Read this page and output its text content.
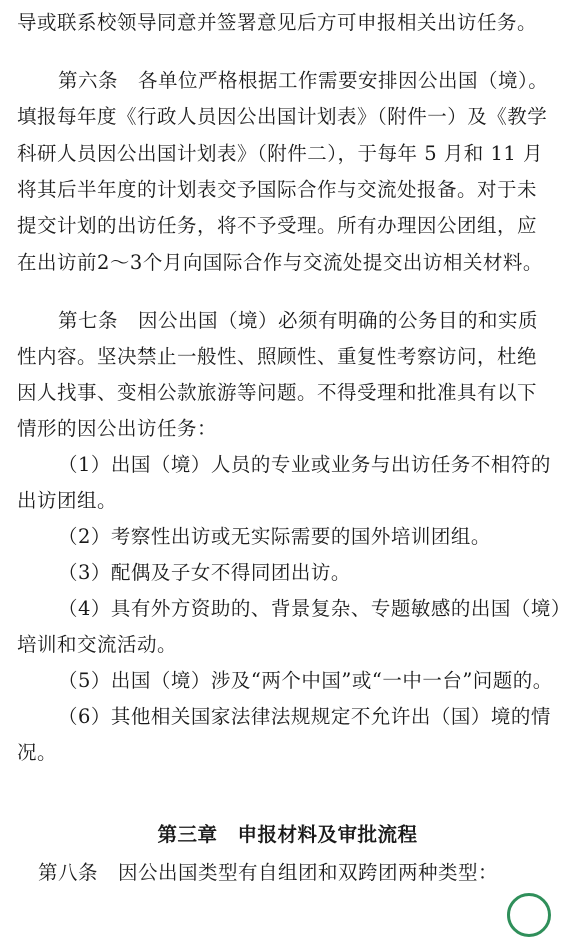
导或联系校领导同意并签署意见后方可申报相关出访任务。
第六条　各单位严格根据工作需要安排因公出国（境）。
填报每年度《行政人员因公出国计划表》（附件一）及《教学
科研人员因公出国计划表》（附件二），于每年 5 月和 11 月
将其后半年度的计划表交予国际合作与交流处报备。对于未
提交计划的出访任务，将不予受理。所有办理因公团组，应
在出访前2～3个月向国际合作与交流处提交出访相关材料。
第七条　因公出国（境）必须有明确的公务目的和实质
性内容。坚决禁止一般性、照顾性、重复性考察访问，杜绝
因人找事、变相公款旅游等问题。不得受理和批准具有以下
情形的因公出访任务：
（1）出国（境）人员的专业或业务与出访任务不相符的
出访团组。
（2）考察性出访或无实际需要的国外培训团组。
（3）配偶及子女不得同团出访。
（4）具有外方资助的、背景复杂、专题敏感的出国（境）
培训和交流活动。
（5）出国（境）涉及“两个中国”或“一中一台”问题的。
（6）其他相关国家法律法规规定不允许出（国）境的情
况。
第三章　申报材料及审批流程
第八条　因公出国类型有自组团和双跨团两种类型：
